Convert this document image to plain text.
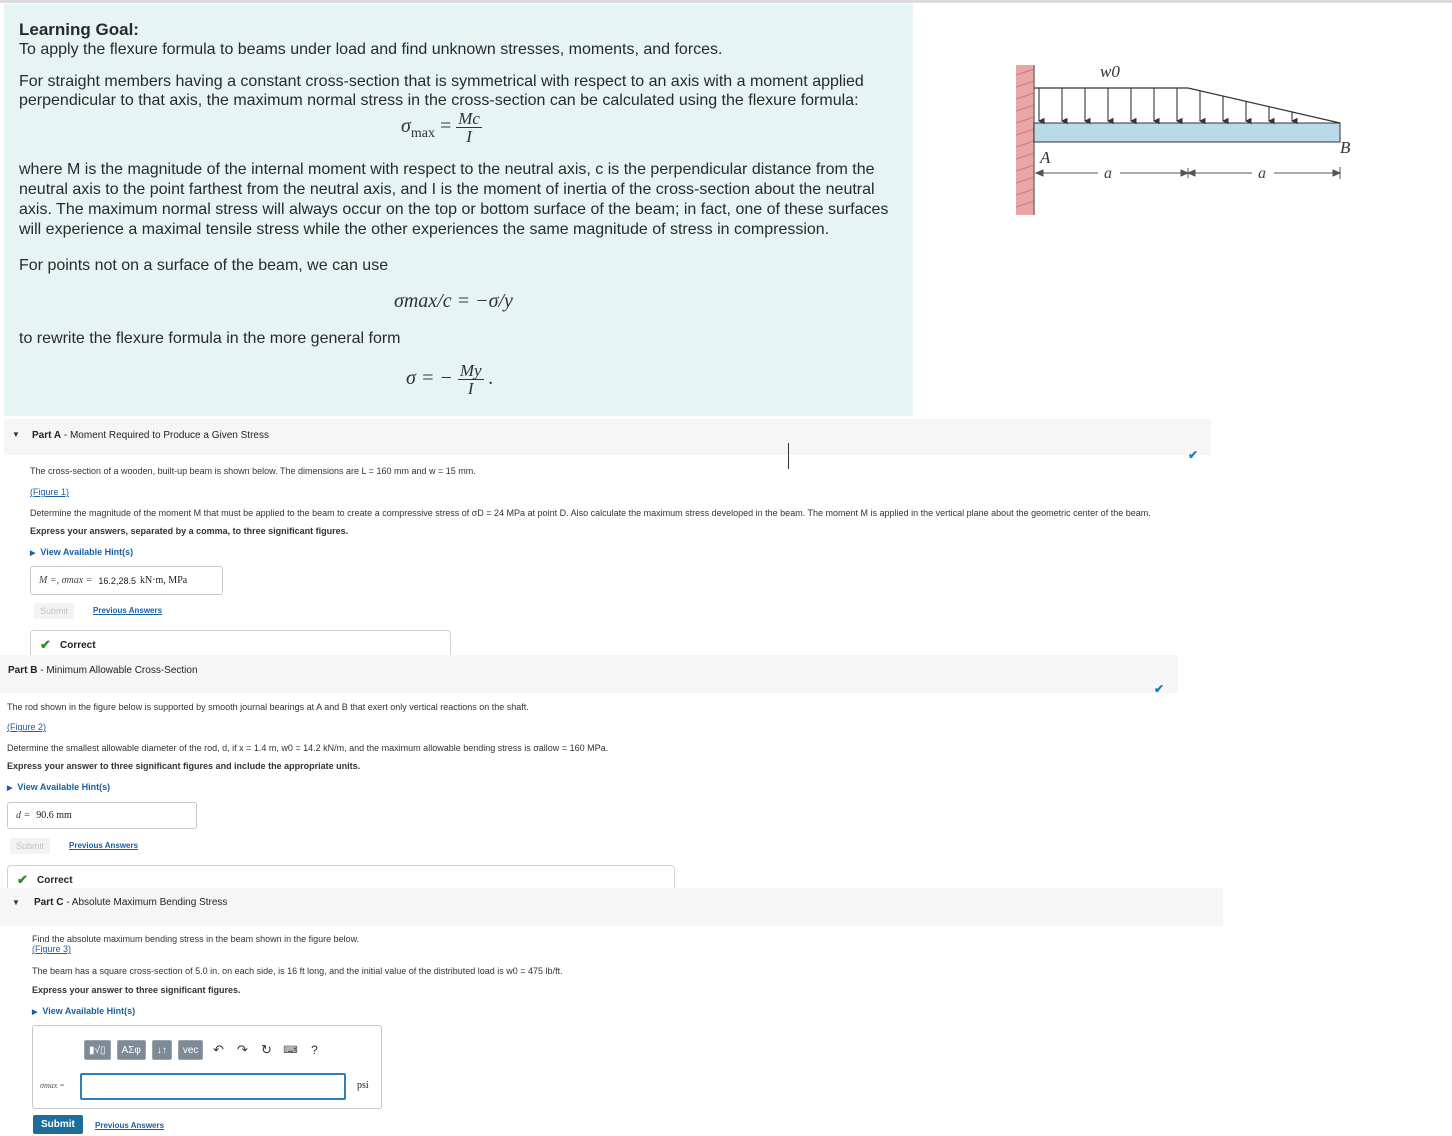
Learning Goal:
To apply the flexure formula to beams under load and find unknown stresses, moments, and forces.
For straight members having a constant cross-section that is symmetrical with respect to an axis with a moment applied
perpendicular to that axis, the maximum normal stress in the cross-section can be calculated using the flexure formula:
$\sigma_{max} = \frac{Mc}{I}$
where M is the magnitude of the internal moment with respect to the neutral axis, c is the perpendicular distance from the
neutral axis to the point farthest from the neutral axis, and I is the moment of inertia of the cross-section about the neutral
axis. The maximum normal stress will always occur on the top or bottom surface of the beam; in fact, one of these surfaces
will experience a maximal tensile stress while the other experiences the same magnitude of stress in compression.
For points not on a surface of the beam, we can use
σmax/c = −σ/y
to rewrite the flexure formula in the more general form
σ = − $\frac{My}{I}$ .
w0
A
B
a	a
▼ Part A - Moment Required to Produce a Given Stress
✔
The cross-section of a wooden, built-up beam is shown below. The dimensions are L = 160 mm and w = 15 mm.
(Figure 1)
Determine the magnitude of the moment M that must be applied to the beam to create a compressive stress of σD = 24 MPa at point D. Also calculate the maximum stress developed in the beam. The moment M is applied in the vertical plane about the geometric center of the beam.
Express your answers, separated by a comma, to three significant figures.
▶ View Available Hint(s)
M =, σmax = 16.2,28.5 kN·m, MPa
Submit	Previous Answers
✔ Correct
Part B - Minimum Allowable Cross-Section
✔
The rod shown in the figure below is supported by smooth journal bearings at A and B that exert only vertical reactions on the shaft.
(Figure 2)
Determine the smallest allowable diameter of the rod, d, if x = 1.4 m, w0 = 14.2 kN/m, and the maximum allowable bending stress is σallow = 160 MPa.
Express your answer to three significant figures and include the appropriate units.
▶ View Available Hint(s)
d = 90.6 mm
Submit	Previous Answers
✔ Correct
▼ Part C - Absolute Maximum Bending Stress
Find the absolute maximum bending stress in the beam shown in the figure below.
(Figure 3)
The beam has a square cross-section of 5.0 in. on each side, is 16 ft long, and the initial value of the distributed load is w0 = 475 lb/ft.
Express your answer to three significant figures.
▶ View Available Hint(s)
▮√▯	ΑΣφ	↓↑	vec	↶ ↷ ↻	⌨	?
σmax =	psi
Submit	Previous Answers
